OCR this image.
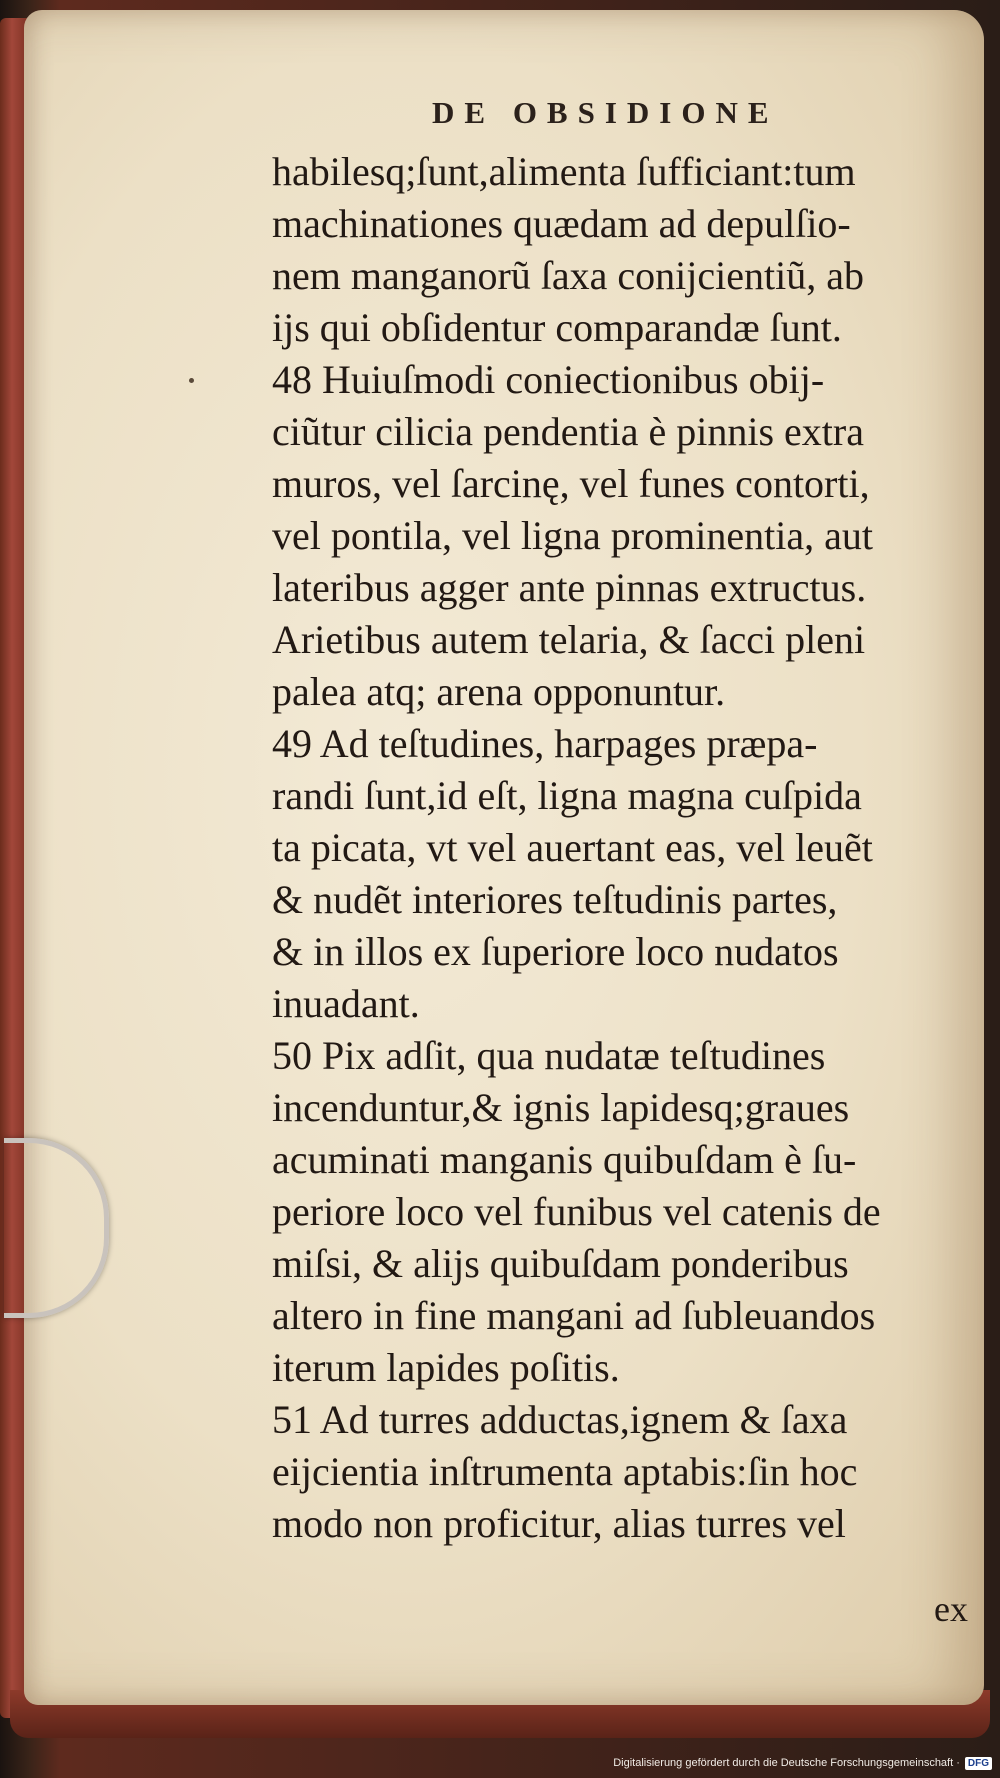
DE OBSIDIONE
habilesq;ſunt,alimenta ſufficiant:tum
machinationes quædam ad depulſio-
nem manganorũ ſaxa conijcientiũ, ab
ijs qui obſidentur comparandæ ſunt.
48 Huiuſmodi coniectionibus obij-
ciũtur cilicia pendentia è pinnis extra
muros, vel ſarcinę, vel funes contorti,
vel pontila, vel ligna prominentia, aut
lateribus agger ante pinnas extructus.
Arietibus autem telaria, & ſacci pleni
palea atq; arena opponuntur.
49 Ad teſtudines, harpages præpa-
randi ſunt,id eſt, ligna magna cuſpida
ta picata, vt vel auertant eas, vel leuẽt
& nudẽt interiores teſtudinis partes,
& in illos ex ſuperiore loco nudatos
inuadant.
50 Pix adſit, qua nudatæ teſtudines
incenduntur,& ignis lapidesq;graues
acuminati manganis quibuſdam è ſu-
periore loco vel funibus vel catenis de
miſsi, & alijs quibuſdam ponderibus
altero in fine mangani ad ſubleuandos
iterum lapides poſitis.
51 Ad turres adductas,ignem & ſaxa
eijcientia inſtrumenta aptabis:ſin hoc
modo non proficitur, alias turres vel
ex
Digitalisierung gefördert durch die Deutsche Forschungsgemeinschaft · DFG
